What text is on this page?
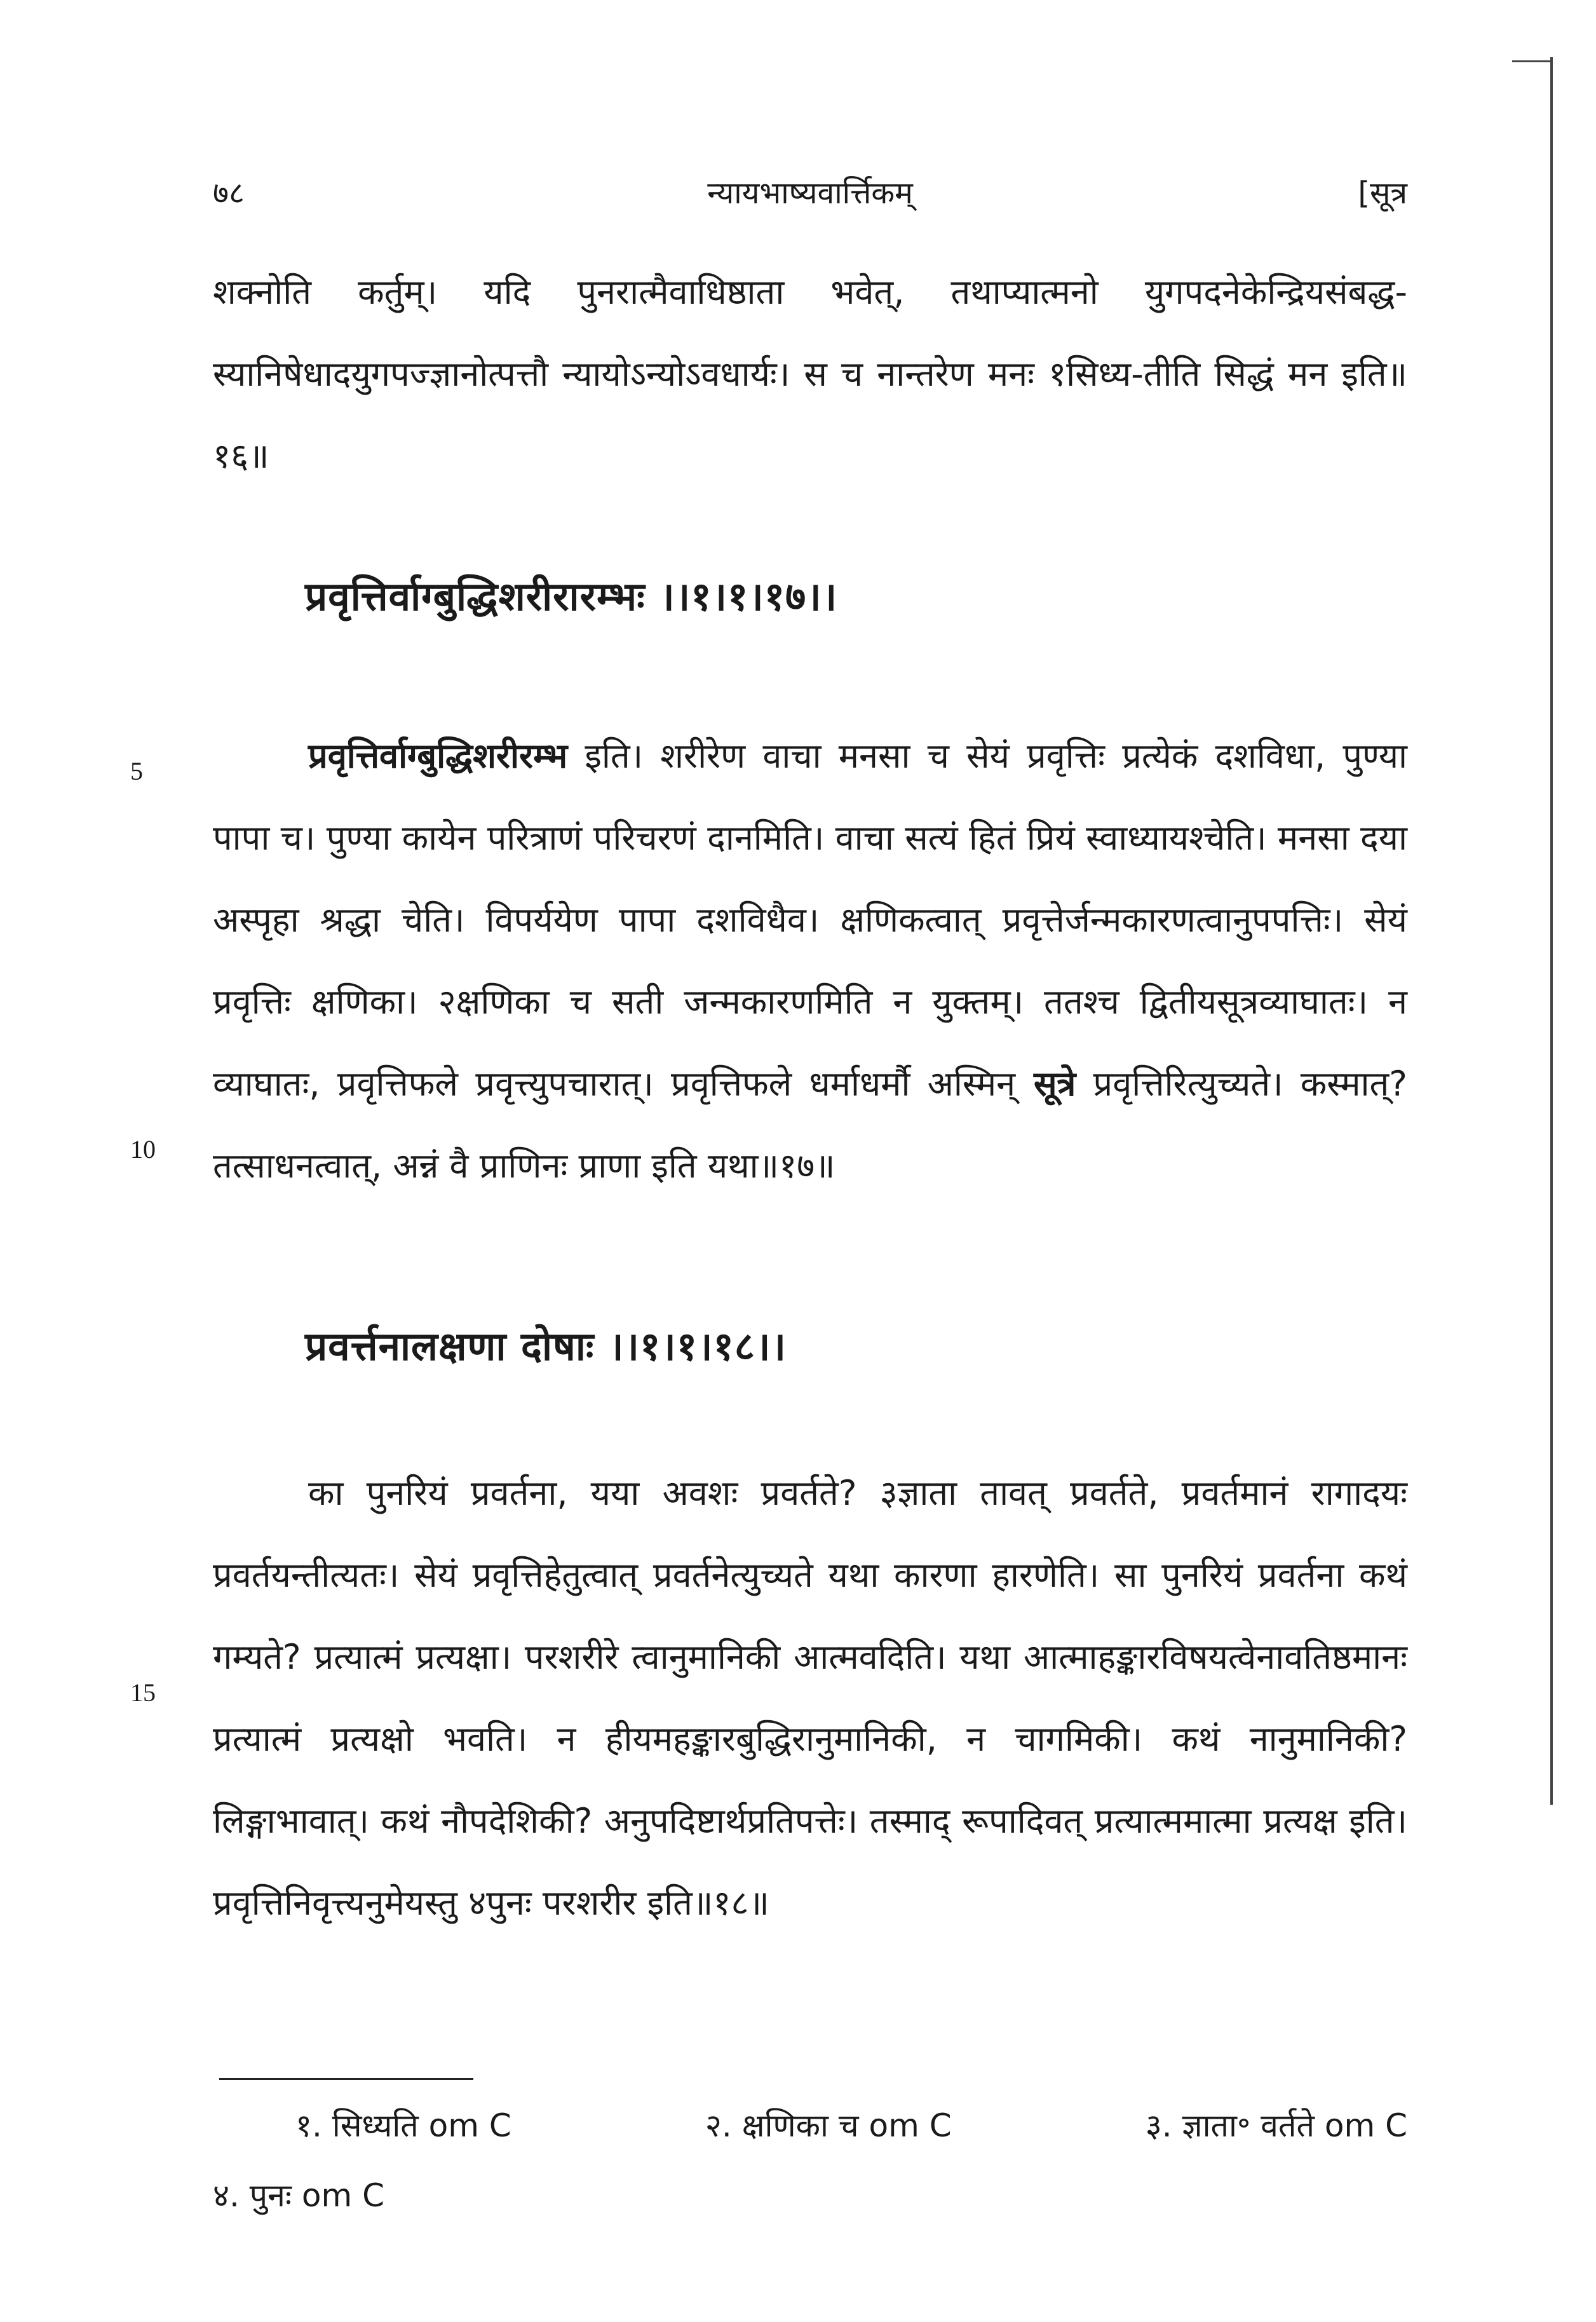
७८	न्यायभाष्यवार्त्तिकम्	[सूत्र

शक्नोति कर्तुम्। यदि पुनरात्मैवाधिष्ठाता भवेत्, तथाप्यात्मनो युगपदनेकेन्द्रियसंबद्ध-स्यानिषेधादयुगपज्ज्ञानोत्पत्तौ न्यायोऽन्योऽवधार्यः। स च नान्तरेण मनः १सिध्य-तीति सिद्धं मन इति॥१६॥

प्रवृत्तिर्वाग्बुद्धिशरीरारम्भः ।।१।१।१७।।
5
10
15

प्रवृत्तिर्वाग्बुद्धिशरीरम्भ इति। शरीरेण वाचा मनसा च सेयं प्रवृत्तिः प्रत्येकं दशविधा, पुण्या पापा च। पुण्या कायेन परित्राणं परिचरणं दानमिति। वाचा सत्यं हितं प्रियं स्वाध्यायश्चेति। मनसा दया अस्पृहा श्रद्धा चेति। विपर्ययेण पापा दशविधैव। क्षणिकत्वात् प्रवृत्तेर्जन्मकारणत्वानुपपत्तिः। सेयं प्रवृत्तिः क्षणिका। २क्षणिका च सती जन्मकारणमिति न युक्तम्। ततश्च द्वितीयसूत्रव्याघातः। न व्याघातः, प्रवृत्तिफले प्रवृत्त्युपचारात्। प्रवृत्तिफले धर्माधर्मौ अस्मिन् सूत्रे प्रवृत्तिरित्युच्यते। कस्मात्? तत्साधनत्वात्, अन्नं वै प्राणिनः प्राणा इति यथा॥१७॥

प्रवर्त्तनालक्षणा दोषाः ।।१।१।१८।।

का पुनरियं प्रवर्तना, यया अवशः प्रवर्तते? ३ज्ञाता तावत् प्रवर्तते, प्रवर्तमानं रागादयः प्रवर्तयन्तीत्यतः। सेयं प्रवृत्तिहेतुत्वात् प्रवर्तनेत्युच्यते यथा कारणा हारणेति। सा पुनरियं प्रवर्तना कथं गम्यते? प्रत्यात्मं प्रत्यक्षा। परशरीरे त्वानुमानिकी आत्मवदिति। यथा आत्माहङ्कारविषयत्वेनावतिष्ठमानः प्रत्यात्मं प्रत्यक्षो भवति। न हीयमहङ्कारबुद्धिरानुमानिकी, न चागमिकी। कथं नानुमानिकी? लिङ्गाभावात्। कथं नौपदेशिकी? अनुपदिष्टार्थप्रतिपत्तेः। तस्माद् रूपादिवत् प्रत्यात्ममात्मा प्रत्यक्ष इति। प्रवृत्तिनिवृत्त्यनुमेयस्तु ४पुनः परशरीर इति॥१८॥

१. सिध्यति om C	२. क्षणिका च om C	३. ज्ञाता॰ वर्तते om C
४. पुनः om C
